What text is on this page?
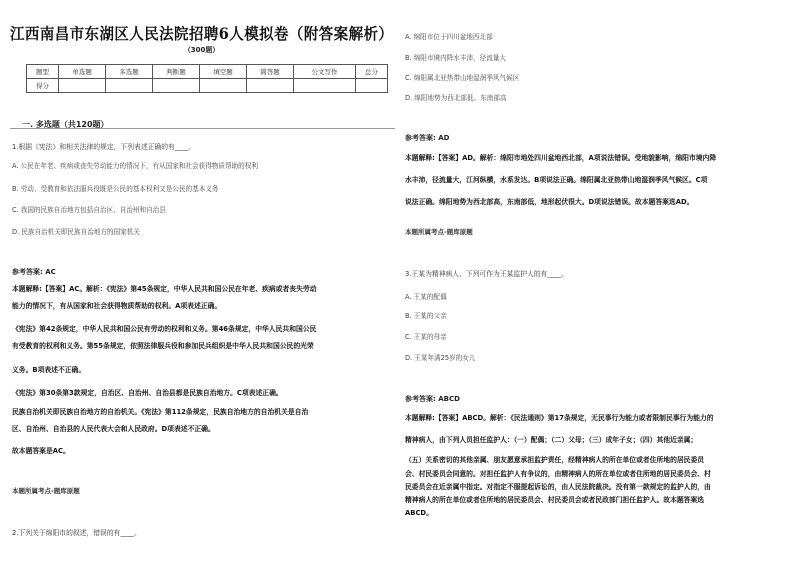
江西南昌市东湖区人民法院招聘6人模拟卷（附答案解析）
（300题）
题型	单选题	多选题	判断题	填空题	简答题	公文写作	总分
得分							
一. 多选题（共120题）
1.根据《宪法》和相关法律的规定，下列表述正确的有____。
A. 公民在年老、疾病或丧失劳动能力的情况下，有从国家和社会获得物质帮助的权利
B. 劳动、受教育和依法服兵役既是公民的基本权利又是公民的基本义务
C. 我国的民族自治地方包括自治区、自治州和自治县
D. 民族自治机关即民族自治地方的国家机关
参考答案: AC
本题解释:【答案】AC。解析：《宪法》第45条规定，中华人民共和国公民在年老、疾病或者丧失劳动
能力的情况下，有从国家和社会获得物质帮助的权利。A项表述正确。
《宪法》第42条规定，中华人民共和国公民有劳动的权利和义务。第46条规定，中华人民共和国公民
有受教育的权利和义务。第55条规定，依照法律服兵役和参加民兵组织是中华人民共和国公民的光荣
义务。B项表述不正确。
《宪法》第30条第3款规定，自治区、自治州、自治县都是民族自治地方。C项表述正确。
民族自治机关即民族自治地方的自治机关。《宪法》第112条规定，民族自治地方的自治机关是自治
区、自治州、自治县的人民代表大会和人民政府。D项表述不正确。
故本题答案是AC。
本题所属考点-题库原题
2.下列关于绵阳市的叙述，错误的有____。
A. 绵阳市位于四川盆地西北部
B. 绵阳市境内降水丰沛，径流量大
C. 绵阳属北亚热带山地湿润季风气候区
D. 绵阳地势为西北部低、东南部高
参考答案: AD
本题解释:【答案】AD。解析：绵阳市地处四川盆地西北部，A项说法错误。受地貌影响，绵阳市境内降
水丰沛，径流量大，江河纵横，水系发达。B项说法正确。绵阳属北亚热带山地湿润季风气候区。C项
说法正确。绵阳地势为西北部高，东南部低，地形起伏很大。D项说法错误。故本题答案选AD。
本题所属考点-题库原题
3.王某为精神病人，下列可作为王某监护人的有____。
A. 王某的配偶
B. 王某的父亲
C. 王某的母亲
D. 王某年满25岁的女儿
参考答案: ABCD
本题解释:【答案】ABCD。解析：《民法通则》第17条规定，无民事行为能力或者限制民事行为能力的
精神病人，由下列人员担任监护人：（一）配偶；（二）父母；（三）成年子女；（四）其他近亲属；
（五）关系密切的其他亲属、朋友愿意承担监护责任，经精神病人的所在单位或者住所地的居民委员
会、村民委员会同意的。对担任监护人有争议的，由精神病人的所在单位或者住所地的居民委员会、村
民委员会在近亲属中指定。对指定不服提起诉讼的，由人民法院裁决。没有第一款规定的监护人的，由
精神病人的所在单位或者住所地的居民委员会、村民委员会或者民政部门担任监护人。故本题答案选
ABCD。
